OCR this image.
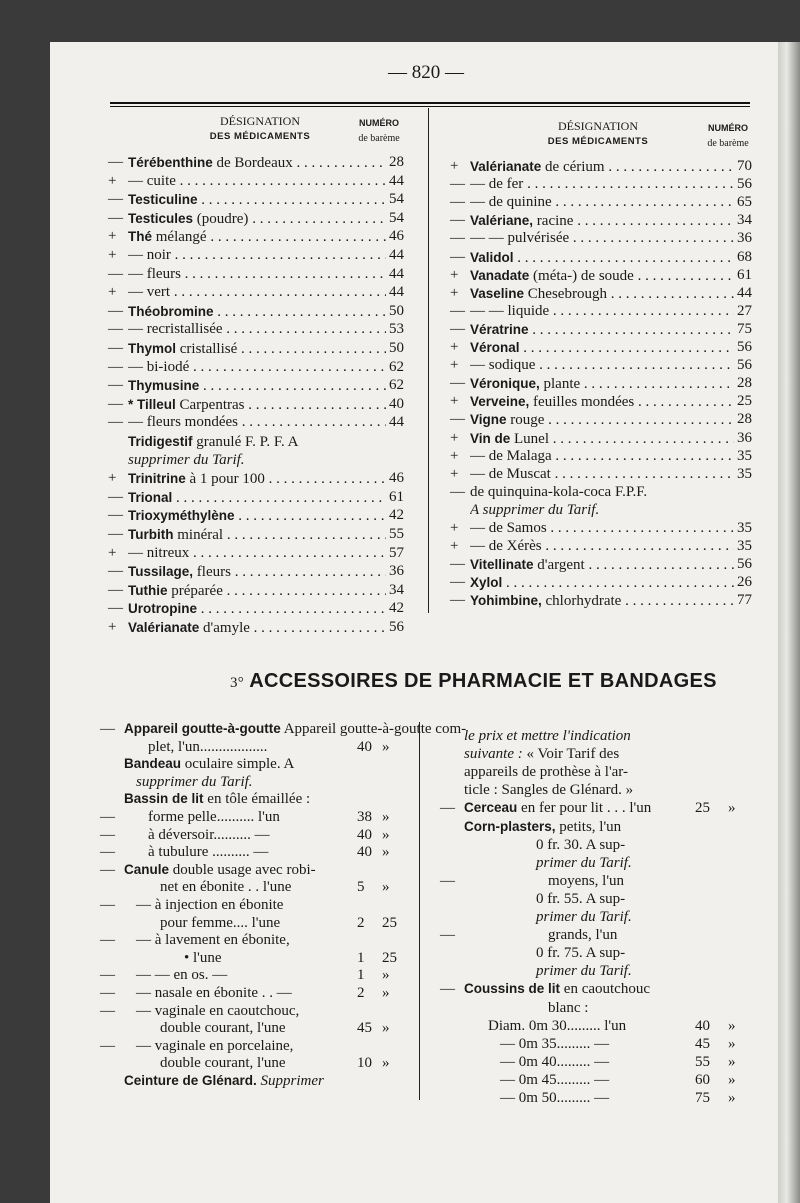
— 820 —
DÉSIGNATION
DES MÉDICAMENTS
NUMÉRO
de barème
DÉSIGNATION
DES MÉDICAMENTS
NUMÉRO
de barème
— Térébenthine de Bordeaux . . .	28
+ — cuite . . .	44
— Testiculine . . .	54
— Testicules (poudre) . . .	54
+ Thé mélangé . . .	46
+ — noir . . .	44
— — fleurs . . .	44
+ — vert . . .	44
— Théobromine . . .	50
— — recristallisée . . .	53
— Thymol cristallisé . . .	50
— — bi-iodé . . .	62
— Thymusine . . .	62
— * Tilleul Carpentras . . .	40
— — fleurs mondées . . .	44
Tridigestif granulé F. P. F. A
supprimer du Tarif.
+ Trinitrine à 1 pour 100 . . .	46
— Trional . . .	61
— Trioxyméthylène . . .	42
— Turbith minéral . . .	55
+ — nitreux . . .	57
— Tussilage, fleurs . . .	36
— Tuthie préparée . . .	34
— Urotropine . . .	42
+ Valérianate d'amyle . . .	56
+ Valérianate de cérium . . .	70
— — de fer . . .	56
— — de quinine . . .	65
— Valériane, racine . . .	34
— — — pulvérisée . . .	36
— Validol . . .	68
+ Vanadate (méta-) de soude . . .	61
+ Vaseline Chesebrough . . .	44
— — — liquide . . .	27
— Vératrine . . .	75
+ Véronal . . .	56
+ — sodique . . .	56
— Véronique, plante . . .	28
+ Verveine, feuilles mondées . . .	25
— Vigne rouge . . .	28
+ Vin de Lunel . . .	36
+ — de Malaga . . .	35
+ — de Muscat . . .	35
— de quinquina-kola-coca F.P.F.
A supprimer du Tarif.
+ — de Samos . . .	35
+ — de Xérès . . .	35
— Vitellinate d'argent . . .	56
— Xylol . . .	26
— Yohimbine, chlorhydrate . . .	77
3° ACCESSOIRES DE PHARMACIE ET BANDAGES
— Appareil goutte-à-goutte Appareil goutte-à-goutte com-
plet, l'un..................	40 »
Bandeau oculaire simple. A
supprimer du Tarif.
Bassin de lit en tôle émaillée :
— forme pelle.......... l'un	38 »
— à déversoir.......... —	40 »
— à tubulure .......... —	40 »
— Canule double usage avec robi-
net en ébonite . . l'une	5 »
— — à injection en ébonite
pour femme.... l'une	2 25
— — à lavement en ébonite,
• l'une	1 25
— — — en os. —	1 »
— — nasale en ébonite . . —	2 »
— — vaginale en caoutchouc,
double courant, l'une	45 »
— — vaginale en porcelaine,
double courant, l'une	10 »
Ceinture de Glénard. Supprimer
le prix et mettre l'indication
suivante : « Voir Tarif des
appareils de prothèse à l'ar-
ticle : Sangles de Glénard. »
— Cerceau en fer pour lit . . . l'un	25 »
Corn-plasters, petits, l'un
0 fr. 30. A sup-
primer du Tarif.
—	moyens, l'un
0 fr. 55. A sup-
primer du Tarif.
—	grands, l'un
0 fr. 75. A sup-
primer du Tarif.
— Coussins de lit en caoutchouc
blanc :
Diam. 0m 30......... l'un	40 »
— 0m 35......... —	45 »
— 0m 40......... —	55 »
— 0m 45......... —	60 »
— 0m 50......... —	75 »
